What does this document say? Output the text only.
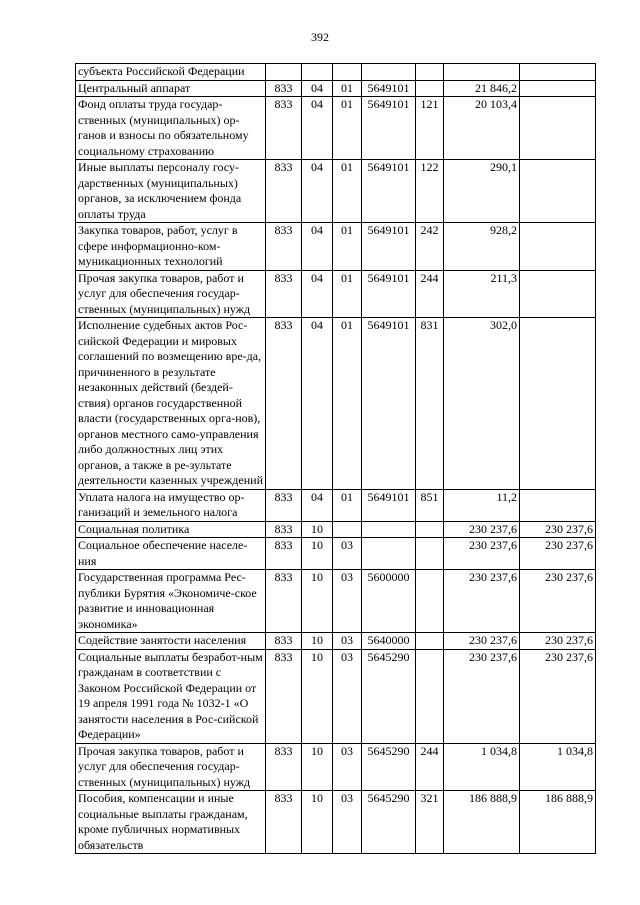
392
субъекта Российской Федерации							
Центральный аппарат	833	04	01	5649101		21 846,2	
Фонд оплаты труда государ-ственных (муниципальных) ор-ганов и взносы по обязательному социальному страхованию	833	04	01	5649101	121	20 103,4	
Иные выплаты персоналу госу-дарственных (муниципальных) органов, за исключением фонда оплаты труда	833	04	01	5649101	122	290,1	
Закупка товаров, работ, услуг в сфере информационно-ком-муникационных технологий	833	04	01	5649101	242	928,2	
Прочая закупка товаров, работ и услуг для обеспечения государ-ственных (муниципальных) нужд	833	04	01	5649101	244	211,3	
Исполнение судебных актов Рос-сийской Федерации и мировых соглашений по возмещению вре-да, причиненного в результате незаконных действий (бездей-ствия) органов государственной власти (государственных орга-нов), органов местного само-управления либо должностных лиц этих органов, а также в ре-зультате деятельности казенных учреждений	833	04	01	5649101	831	302,0	
Уплата налога на имущество ор-ганизаций и земельного налога	833	04	01	5649101	851	11,2	
Социальная политика	833	10				230 237,6	230 237,6
Социальное обеспечение населе-ния	833	10	03			230 237,6	230 237,6
Государственная программа Рес-публики Бурятия «Экономиче-ское развитие и инновационная экономика»	833	10	03	5600000		230 237,6	230 237,6
Содействие занятости населения	833	10	03	5640000		230 237,6	230 237,6
Социальные выплаты безработ-ным гражданам в соответствии с Законом Российской Федерации от 19 апреля 1991 года № 1032-1 «О занятости населения в Рос-сийской Федерации»	833	10	03	5645290		230 237,6	230 237,6
Прочая закупка товаров, работ и услуг для обеспечения государ-ственных (муниципальных) нужд	833	10	03	5645290	244	1 034,8	1 034,8
Пособия, компенсации и иные социальные выплаты гражданам, кроме публичных нормативных обязательств	833	10	03	5645290	321	186 888,9	186 888,9
